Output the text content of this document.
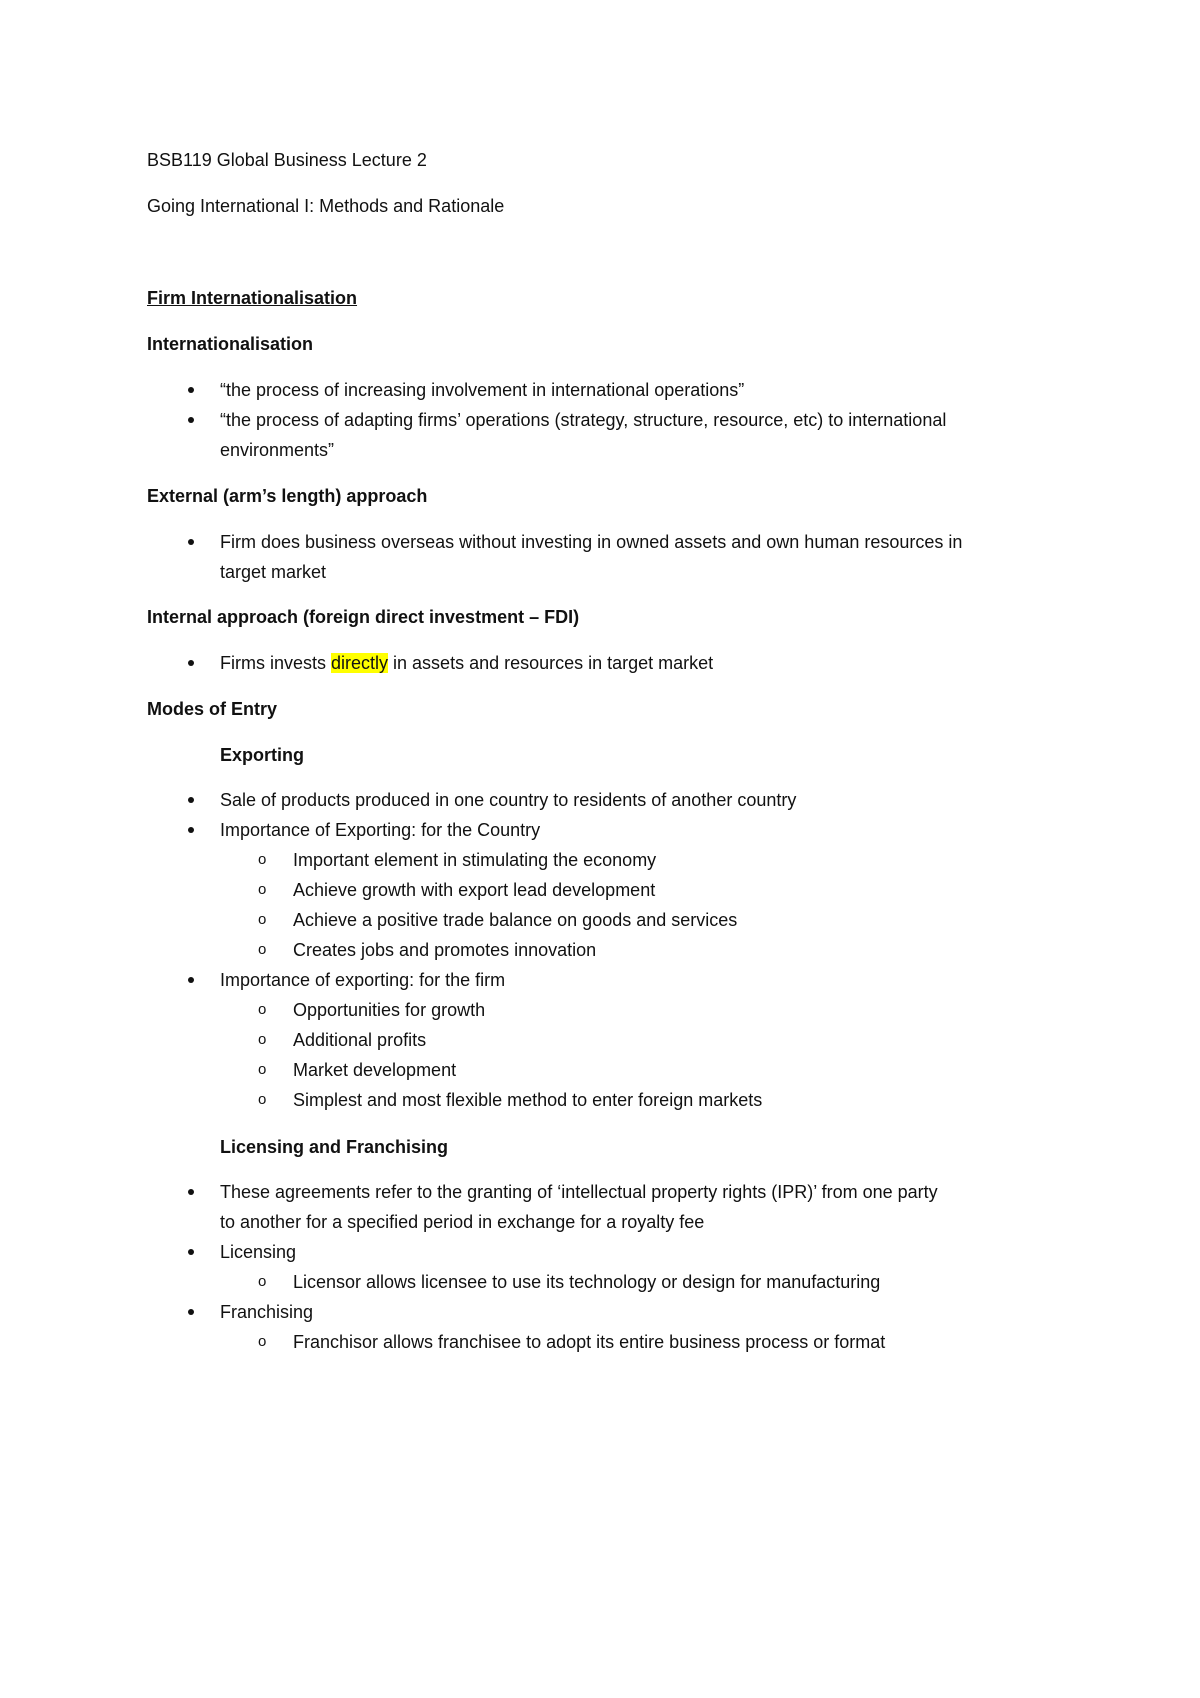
BSB119 Global Business Lecture 2
Going International I: Methods and Rationale
Firm Internationalisation
Internationalisation
“the process of increasing involvement in international operations”
“the process of adapting firms’ operations (strategy, structure, resource, etc) to international
environments”
External (arm’s length) approach
Firm does business overseas without investing in owned assets and own human resources in
target market
Internal approach (foreign direct investment – FDI)
Firms invests directly in assets and resources in target market
Modes of Entry
Exporting
Sale of products produced in one country to residents of another country
Importance of Exporting: for the Country
o Important element in stimulating the economy
o Achieve growth with export lead development
o Achieve a positive trade balance on goods and services
o Creates jobs and promotes innovation
Importance of exporting: for the firm
o Opportunities for growth
o Additional profits
o Market development
o Simplest and most flexible method to enter foreign markets
Licensing and Franchising
These agreements refer to the granting of ‘intellectual property rights (IPR)’ from one party
to another for a specified period in exchange for a royalty fee
Licensing
o Licensor allows licensee to use its technology or design for manufacturing
Franchising
o Franchisor allows franchisee to adopt its entire business process or format
